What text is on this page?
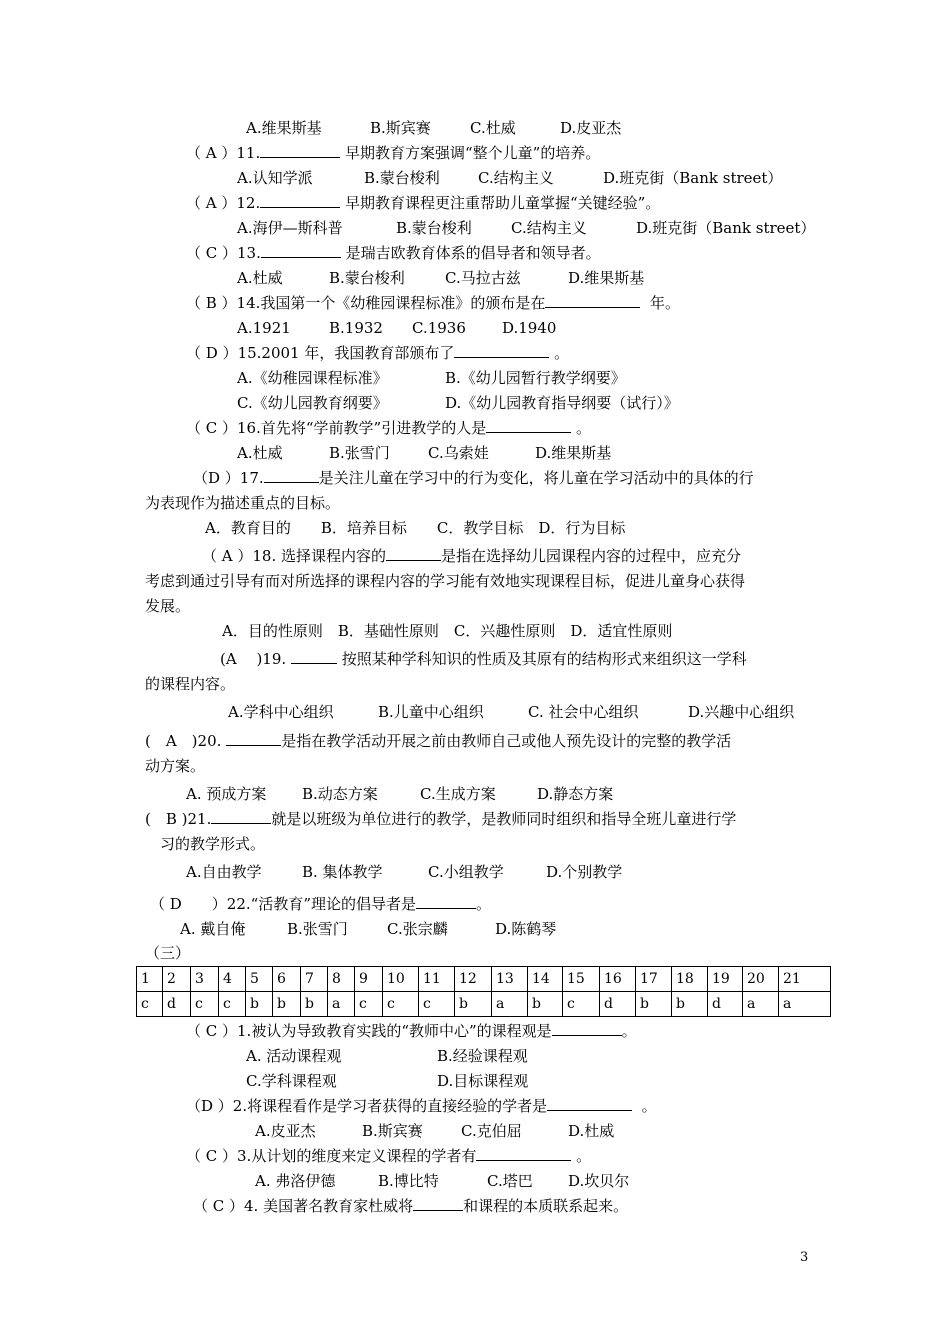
A.维果斯基	B.斯宾赛	C.杜威	D.皮亚杰
（ A ）11.	早期教育方案强调“整个儿童”的培养。
A.认知学派	B.蒙台梭利	C.结构主义	D.班克街（Bank street）
（ A ）12.	早期教育课程更注重帮助儿童掌握“关键经验”。
A.海伊—斯科普	B.蒙台梭利	C.结构主义	D.班克街（Bank street）
（ C ）13.	是瑞吉欧教育体系的倡导者和领导者。
A.杜威	B.蒙台梭利	C.马拉古兹	D.维果斯基
（ B ）14.我国第一个《幼稚园课程标准》的颁布是在	年。
A.1921	B.1932 C.1936 D.1940
（ D ）15.2001 年，我国教育部颁布了	。
A.《幼稚园课程标准》	B.《幼儿园暂行教学纲要》
C.《幼儿园教育纲要》	D.《幼儿园教育指导纲要（试行）》
（ C ）16.首先将“学前教学”引进教学的人是	。
A.杜威	B.张雪门	C.乌索娃	D.维果斯基
（D ）17.	是关注儿童在学习中的行为变化，将儿童在学习活动中的具体的行
为表现作为描述重点的目标。
A．教育目的　　B．培养目标　　C．教学目标　D．行为目标
（ A ）18. 选择课程内容的	是指在选择幼儿园课程内容的过程中，应充分
考虑到通过引导有而对所选择的课程内容的学习能有效地实现课程目标，促进儿童身心获得
发展。
A．目的性原则　B．基础性原则　C．兴趣性原则　D．适宜性原则
(A　 )19.	按照某种学科知识的性质及其原有的结构形式来组织这一学科
的课程内容。
A.学科中心组织	B.儿童中心组织	C. 社会中心组织	D.兴趣中心组织
(　A　)20.	是指在教学活动开展之前由教师自己或他人预先设计的完整的教学活
动方案。
A. 预成方案 B.动态方案	C.生成方案	D.静态方案
(　B )21.	就是以班级为单位进行的教学，是教师同时组织和指导全班儿童进行学
习的教学形式。
A.自由教学	B. 集体教学	C.小组教学	D.个别教学
（ D　　）22.“活教育”理论的倡导者是	。
A. 戴自俺	B.张雪门	C.张宗麟	D.陈鹤琴
（三）
1	2	3	4	5	6	7	8	9	10	11	12	13	14	15	16	17	18	19	20	21
c	d	c	c	b	b	b	a	c	c	c	b	a	b	c	d	b	b	d	a	a
（ C ）1.被认为导致教育实践的“教师中心”的课程观是	。
A. 活动课程观	B.经验课程观
C.学科课程观	D.目标课程观
（D ）2.将课程看作是学习者获得的直接经验的学者是	。
A.皮亚杰	B.斯宾赛	C.克伯屈	D.杜威
（ C ）3.从计划的维度来定义课程的学者有	。
A. 弗洛伊德	B.博比特	C.塔巴 D.坎贝尔
（ C ）4. 美国著名教育家杜威将	和课程的本质联系起来。
3
